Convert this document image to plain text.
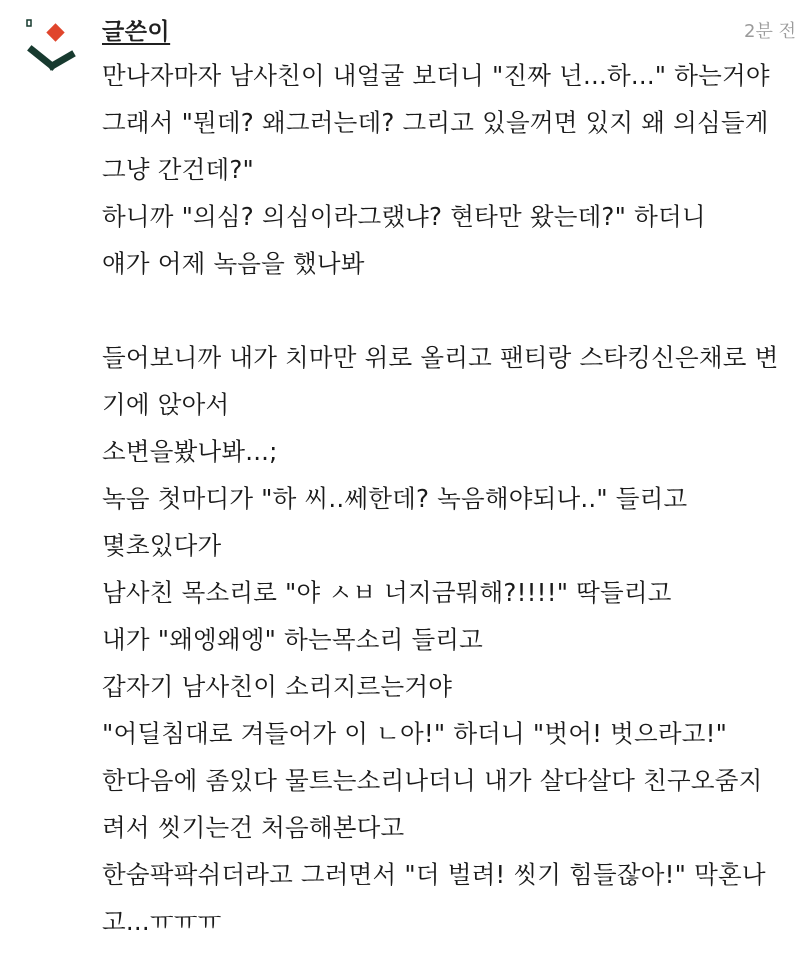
글쓴이	2분 전
만나자마자 남사친이 내얼굴 보더니 "진짜 넌...하..." 하는거야
그래서 "뭔데? 왜그러는데? 그리고 있을꺼면 있지 왜 의심들게
그냥 간건데?"
하니까 "의심? 의심이라그랬냐? 현타만 왔는데?" 하더니
얘가 어제 녹음을 했나봐
들어보니까 내가 치마만 위로 올리고 팬티랑 스타킹신은채로 변
기에 앉아서
소변을봤나봐...;
녹음 첫마디가 "하 씨..쎄한데? 녹음해야되나.." 들리고
몇초있다가
남사친 목소리로 "야 ㅅㅂ 너지금뭐해?!!!!" 딱들리고
내가 "왜엥왜엥" 하는목소리 들리고
갑자기 남사친이 소리지르는거야
"어딜침대로 겨들어가 이 ㄴ아!" 하더니 "벗어! 벗으라고!"
한다음에 좀있다 물트는소리나더니 내가 살다살다 친구오줌지
려서 씻기는건 처음해본다고
한숨팍팍쉬더라고 그러면서 "더 벌려! 씻기 힘들잖아!" 막혼나
고...ㅠㅠㅠ
